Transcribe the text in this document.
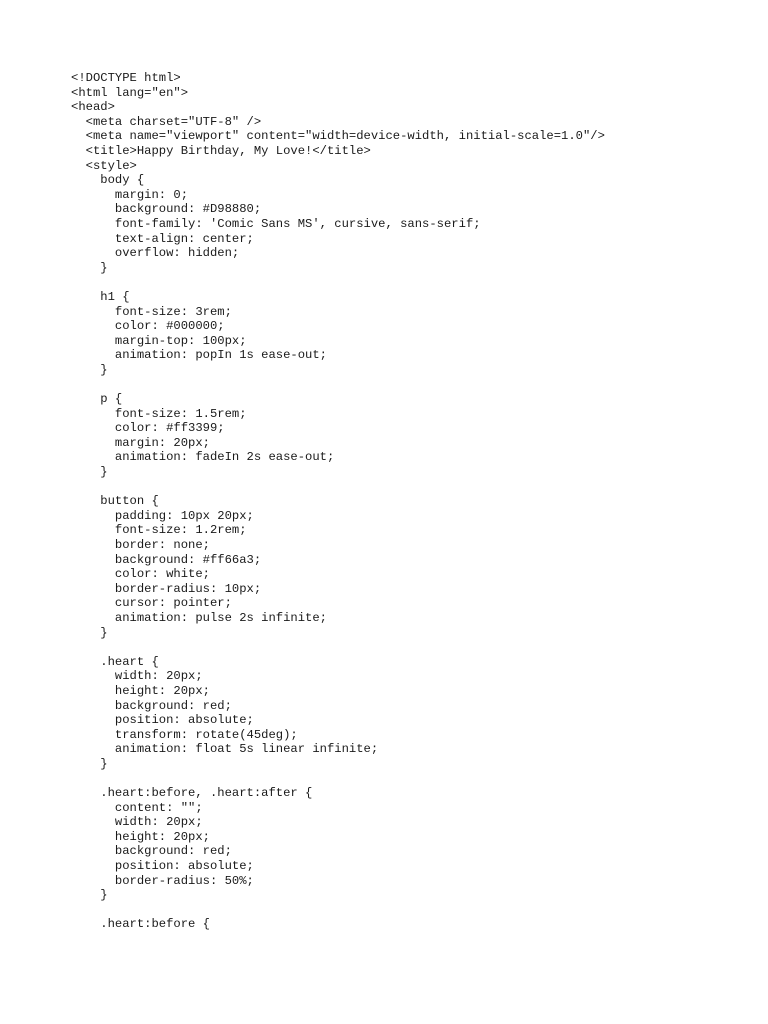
<!DOCTYPE html>
<html lang="en">
<head>
<meta charset="UTF-8" />
<meta name="viewport" content="width=device-width, initial-scale=1.0"/>
<title>Happy Birthday, My Love!</title>
<style>
body {
margin: 0;
background: #D98880;
font-family: 'Comic Sans MS', cursive, sans-serif;
text-align: center;
overflow: hidden;
}
h1 {
font-size: 3rem;
color: #000000;
margin-top: 100px;
animation: popIn 1s ease-out;
}
p {
font-size: 1.5rem;
color: #ff3399;
margin: 20px;
animation: fadeIn 2s ease-out;
}
button {
padding: 10px 20px;
font-size: 1.2rem;
border: none;
background: #ff66a3;
color: white;
border-radius: 10px;
cursor: pointer;
animation: pulse 2s infinite;
}
.heart {
width: 20px;
height: 20px;
background: red;
position: absolute;
transform: rotate(45deg);
animation: float 5s linear infinite;
}
.heart:before, .heart:after {
content: "";
width: 20px;
height: 20px;
background: red;
position: absolute;
border-radius: 50%;
}
.heart:before {
